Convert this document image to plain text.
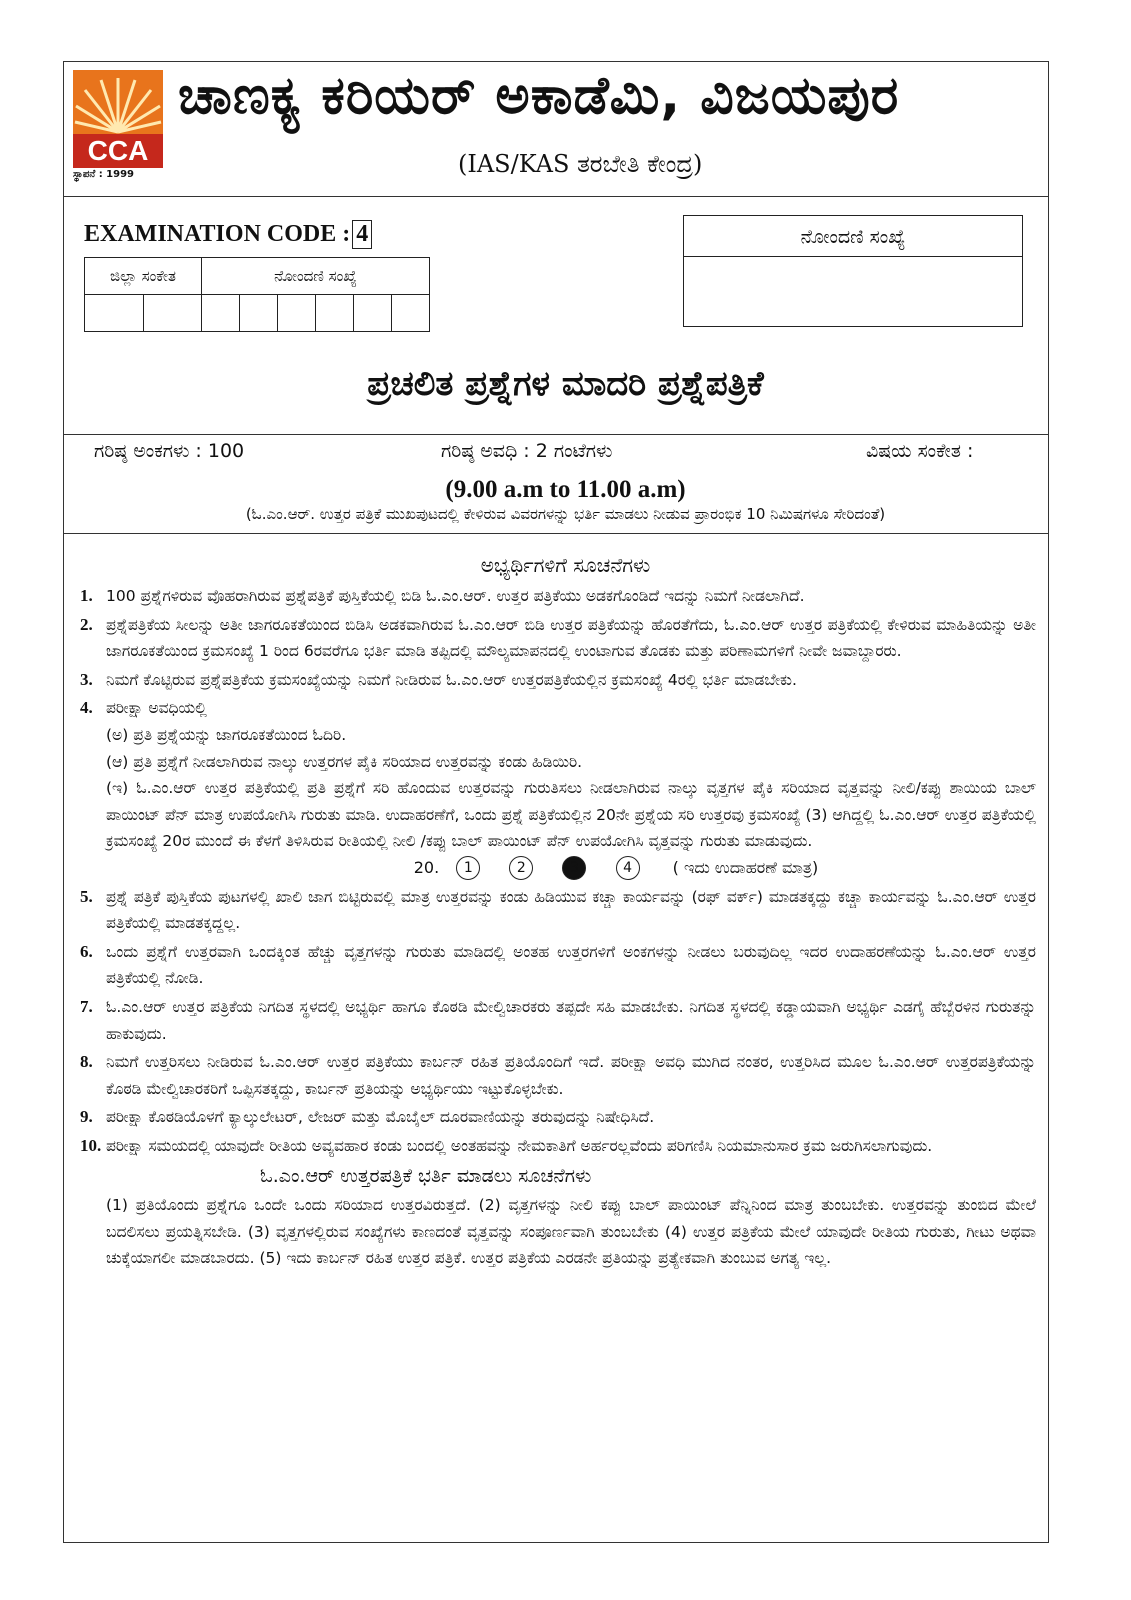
CCA
ಸ್ಥಾಪನೆ : 1999
ಚಾಣಕ್ಯ ಕರಿಯರ್ ಅಕಾಡೆಮಿ, ವಿಜಯಪುರ
(IAS/KAS ತರಬೇತಿ ಕೇಂದ್ರ)
EXAMINATION CODE : 4
ಜಿಲ್ಲಾ ಸಂಕೇತ		ನೋಂದಣಿ ಸಂಖ್ಯೆ					

ನೋಂದಣಿ ಸಂಖ್ಯೆ
ಪ್ರಚಲಿತ ಪ್ರಶ್ನೆಗಳ ಮಾದರಿ ಪ್ರಶ್ನೆಪತ್ರಿಕೆ
ಗರಿಷ್ಠ ಅಂಕಗಳು : 100	ಗರಿಷ್ಠ ಅವಧಿ : 2 ಗಂಟೆಗಳು	ವಿಷಯ ಸಂಕೇತ :
(9.00 a.m to 11.00 a.m)
(ಓ.ಎಂ.ಆರ್. ಉತ್ತರ ಪತ್ರಿಕೆ ಮುಖಪುಟದಲ್ಲಿ ಕೇಳಿರುವ ವಿವರಗಳನ್ನು ಭರ್ತಿ ಮಾಡಲು ನೀಡುವ ಪ್ರಾರಂಭಿಕ 10 ನಿಮಿಷಗಳೂ ಸೇರಿದಂತೆ)
ಅಭ್ಯರ್ಥಿಗಳಿಗೆ ಸೂಚನೆಗಳು
1. 100 ಪ್ರಶ್ನೆಗಳಿರುವ ವೊಹರಾಗಿರುವ ಪ್ರಶ್ನೆಪತ್ರಿಕೆ ಪುಸ್ತಿಕೆಯಲ್ಲಿ ಬಿಡಿ ಓ.ಎಂ.ಆರ್. ಉತ್ತರ ಪತ್ರಿಕೆಯು ಅಡಕಗೊಂಡಿದೆ ಇದನ್ನು ನಿಮಗೆ ನೀಡಲಾಗಿದೆ.
2. ಪ್ರಶ್ನೆಪತ್ರಿಕೆಯ ಸೀಲನ್ನು ಅತೀ ಜಾಗರೂಕತೆಯಿಂದ ಬಿಡಿಸಿ ಅಡಕವಾಗಿರುವ ಓ.ಎಂ.ಆರ್ ಬಿಡಿ ಉತ್ತರ ಪತ್ರಿಕೆಯನ್ನು ಹೊರತೆಗೆದು, ಓ.ಎಂ.ಆರ್ ಉತ್ತರ ಪತ್ರಿಕೆಯಲ್ಲಿ ಕೇಳಿರುವ ಮಾಹಿತಿಯನ್ನು ಅತೀ ಜಾಗರೂಕತೆಯಿಂದ ಕ್ರಮಸಂಖ್ಯೆ 1 ರಿಂದ 6ರವರೆಗೂ ಭರ್ತಿ ಮಾಡಿ ತಪ್ಪಿದಲ್ಲಿ ಮೌಲ್ಯಮಾಪನದಲ್ಲಿ ಉಂಟಾಗುವ ತೊಡಕು ಮತ್ತು ಪರಿಣಾಮಗಳಿಗೆ ನೀವೇ ಜವಾಬ್ದಾರರು.
3. ನಿಮಗೆ ಕೊಟ್ಟಿರುವ ಪ್ರಶ್ನೆಪತ್ರಿಕೆಯ ಕ್ರಮಸಂಖ್ಯೆಯನ್ನು ನಿಮಗೆ ನೀಡಿರುವ ಓ.ಎಂ.ಆರ್ ಉತ್ತರಪತ್ರಿಕೆಯಲ್ಲಿನ ಕ್ರಮಸಂಖ್ಯೆ 4ರಲ್ಲಿ ಭರ್ತಿ ಮಾಡಬೇಕು.
4. ಪರೀಕ್ಷಾ ಅವಧಿಯಲ್ಲಿ
(ಅ) ಪ್ರತಿ ಪ್ರಶ್ನೆಯನ್ನು ಜಾಗರೂಕತೆಯಿಂದ ಓದಿರಿ.
(ಆ) ಪ್ರತಿ ಪ್ರಶ್ನೆಗೆ ನೀಡಲಾಗಿರುವ ನಾಲ್ಕು ಉತ್ತರಗಳ ಪೈಕಿ ಸರಿಯಾದ ಉತ್ತರವನ್ನು ಕಂಡು ಹಿಡಿಯಿರಿ.
(ಇ) ಓ.ಎಂ.ಆರ್ ಉತ್ತರ ಪತ್ರಿಕೆಯಲ್ಲಿ ಪ್ರತಿ ಪ್ರಶ್ನೆಗೆ ಸರಿ ಹೊಂದುವ ಉತ್ತರವನ್ನು ಗುರುತಿಸಲು ನೀಡಲಾಗಿರುವ ನಾಲ್ಕು ವೃತ್ತಗಳ ಪೈಕಿ ಸರಿಯಾದ ವೃತ್ತವನ್ನು ನೀಲಿ/ಕಪ್ಪು ಶಾಯಿಯ ಬಾಲ್ ಪಾಯಿಂಟ್ ಪೆನ್ ಮಾತ್ರ ಉಪಯೋಗಿಸಿ ಗುರುತು ಮಾಡಿ. ಉದಾಹರಣೆಗೆ, ಒಂದು ಪ್ರಶ್ನೆ ಪತ್ರಿಕೆಯಲ್ಲಿನ 20ನೇ ಪ್ರಶ್ನೆಯ ಸರಿ ಉತ್ತರವು ಕ್ರಮಸಂಖ್ಯೆ (3) ಆಗಿದ್ದಲ್ಲಿ ಓ.ಎಂ.ಆರ್ ಉತ್ತರ ಪತ್ರಿಕೆಯಲ್ಲಿ ಕ್ರಮಸಂಖ್ಯೆ 20ರ ಮುಂದೆ ಈ ಕೆಳಗೆ ತಿಳಿಸಿರುವ ರೀತಿಯಲ್ಲಿ ನೀಲಿ /ಕಪ್ಪು ಬಾಲ್ ಪಾಯಿಂಟ್ ಪೆನ್ ಉಪಯೋಗಿಸಿ ವೃತ್ತವನ್ನು ಗುರುತು ಮಾಡುವುದು.
20. 1	2	3	4	( ಇದು ಉದಾಹರಣೆ ಮಾತ್ರ)
5. ಪ್ರಶ್ನೆ ಪತ್ರಿಕೆ ಪುಸ್ತಿಕೆಯ ಪುಟಗಳಲ್ಲಿ ಖಾಲಿ ಜಾಗ ಬಿಟ್ಟಿರುವಲ್ಲಿ ಮಾತ್ರ ಉತ್ತರವನ್ನು ಕಂಡು ಹಿಡಿಯುವ ಕಚ್ಚಾ ಕಾರ್ಯವನ್ನು (ರಫ್ ವರ್ಕ್) ಮಾಡತಕ್ಕದ್ದು ಕಚ್ಚಾ ಕಾರ್ಯವನ್ನು ಓ.ಎಂ.ಆರ್ ಉತ್ತರ ಪತ್ರಿಕೆಯಲ್ಲಿ ಮಾಡತಕ್ಕದ್ದಲ್ಲ.
6. ಒಂದು ಪ್ರಶ್ನೆಗೆ ಉತ್ತರವಾಗಿ ಒಂದಕ್ಕಿಂತ ಹೆಚ್ಚು ವೃತ್ತಗಳನ್ನು ಗುರುತು ಮಾಡಿದಲ್ಲಿ ಅಂತಹ ಉತ್ತರಗಳಿಗೆ ಅಂಕಗಳನ್ನು ನೀಡಲು ಬರುವುದಿಲ್ಲ ಇದರ ಉದಾಹರಣೆಯನ್ನು ಓ.ಎಂ.ಆರ್ ಉತ್ತರ ಪತ್ರಿಕೆಯಲ್ಲಿ ನೋಡಿ.
7. ಓ.ಎಂ.ಆರ್ ಉತ್ತರ ಪತ್ರಿಕೆಯ ನಿಗದಿತ ಸ್ಥಳದಲ್ಲಿ ಅಭ್ಯರ್ಥಿ ಹಾಗೂ ಕೊಠಡಿ ಮೇಲ್ವಿಚಾರಕರು ತಪ್ಪದೇ ಸಹಿ ಮಾಡಬೇಕು. ನಿಗದಿತ ಸ್ಥಳದಲ್ಲಿ ಕಡ್ಡಾಯವಾಗಿ ಅಭ್ಯರ್ಥಿ ಎಡಗೈ ಹೆಬ್ಬೆರಳಿನ ಗುರುತನ್ನು ಹಾಕುವುದು.
8. ನಿಮಗೆ ಉತ್ತರಿಸಲು ನೀಡಿರುವ ಓ.ಎಂ.ಆರ್ ಉತ್ತರ ಪತ್ರಿಕೆಯು ಕಾರ್ಬನ್ ರಹಿತ ಪ್ರತಿಯೊಂದಿಗೆ ಇದೆ. ಪರೀಕ್ಷಾ ಅವಧಿ ಮುಗಿದ ನಂತರ, ಉತ್ತರಿಸಿದ ಮೂಲ ಓ.ಎಂ.ಆರ್ ಉತ್ತರಪತ್ರಿಕೆಯನ್ನು ಕೊಠಡಿ ಮೇಲ್ವಿಚಾರಕರಿಗೆ ಒಪ್ಪಿಸತಕ್ಕದ್ದು, ಕಾರ್ಬನ್ ಪ್ರತಿಯನ್ನು ಅಭ್ಯರ್ಥಿಯು ಇಟ್ಟುಕೊಳ್ಳಬೇಕು.
9. ಪರೀಕ್ಷಾ ಕೊಠಡಿಯೊಳಗೆ ಕ್ಯಾಲ್ಕುಲೇಟರ್, ಲೇಜರ್ ಮತ್ತು ಮೊಬೈಲ್ ದೂರವಾಣಿಯನ್ನು ತರುವುದನ್ನು ನಿಷೇಧಿಸಿದೆ.
10. ಪರೀಕ್ಷಾ ಸಮಯದಲ್ಲಿ ಯಾವುದೇ ರೀತಿಯ ಅವ್ಯವಹಾರ ಕಂಡು ಬಂದಲ್ಲಿ ಅಂತಹವನ್ನು ನೇಮಕಾತಿಗೆ ಅರ್ಹರಲ್ಲವೆಂದು ಪರಿಗಣಿಸಿ ನಿಯಮಾನುಸಾರ ಕ್ರಮ ಜರುಗಿಸಲಾಗುವುದು.
ಓ.ಎಂ.ಆರ್ ಉತ್ತರಪತ್ರಿಕೆ ಭರ್ತಿ ಮಾಡಲು ಸೂಚನೆಗಳು
(1) ಪ್ರತಿಯೊಂದು ಪ್ರಶ್ನೆಗೂ ಒಂದೇ ಒಂದು ಸರಿಯಾದ ಉತ್ತರವಿರುತ್ತದೆ. (2) ವೃತ್ತಗಳನ್ನು ನೀಲಿ ಕಪ್ಪು ಬಾಲ್ ಪಾಯಿಂಟ್ ಪೆನ್ನಿನಿಂದ ಮಾತ್ರ ತುಂಬಬೇಕು. ಉತ್ತರವನ್ನು ತುಂಬಿದ ಮೇಲೆ ಬದಲಿಸಲು ಪ್ರಯತ್ನಿಸಬೇಡಿ. (3) ವೃತ್ತಗಳಲ್ಲಿರುವ ಸಂಖ್ಯೆಗಳು ಕಾಣದಂತೆ ವೃತ್ತವನ್ನು ಸಂಪೂರ್ಣವಾಗಿ ತುಂಬಬೇಕು (4) ಉತ್ತರ ಪತ್ರಿಕೆಯ ಮೇಲೆ ಯಾವುದೇ ರೀತಿಯ ಗುರುತು, ಗೀಟು ಅಥವಾ ಚುಕ್ಕೆಯಾಗಲೀ ಮಾಡಬಾರದು. (5) ಇದು ಕಾರ್ಬನ್ ರಹಿತ ಉತ್ತರ ಪತ್ರಿಕೆ. ಉತ್ತರ ಪತ್ರಿಕೆಯ ಎರಡನೇ ಪ್ರತಿಯನ್ನು ಪ್ರತ್ಯೇಕವಾಗಿ ತುಂಬುವ ಅಗತ್ಯ ಇಲ್ಲ.
